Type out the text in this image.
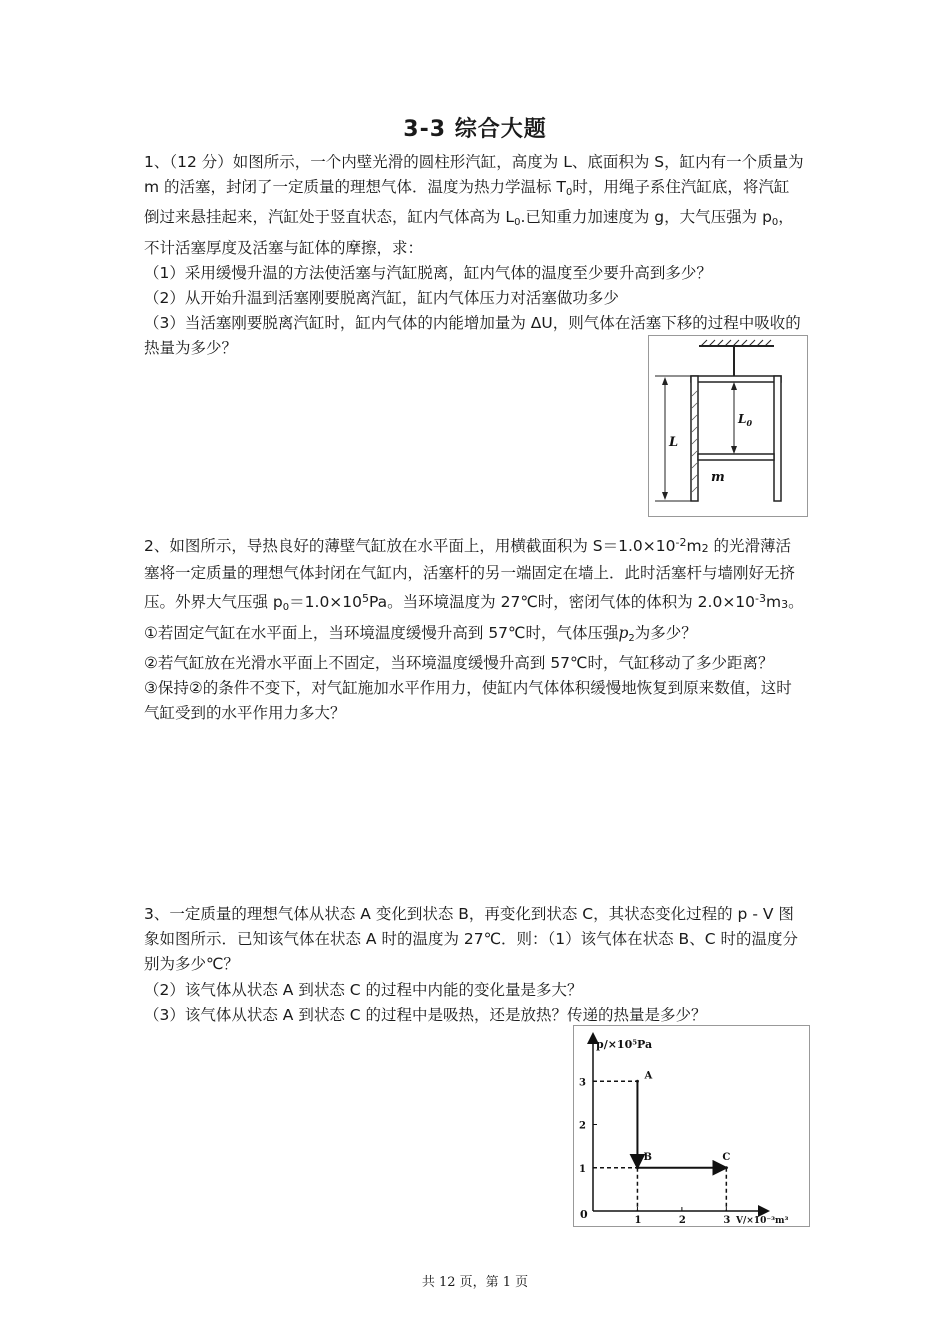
3-3 综合大题

1、（12 分）如图所示，一个内壁光滑的圆柱形汽缸，高度为 L、底面积为 S，缸内有一个质量为 m 的活塞，封闭了一定质量的理想气体．温度为热力学温标 $T_0$时，用绳子系住汽缸底，将汽缸倒过来悬挂起来，汽缸处于竖直状态，缸内气体高为 $L_0$.已知重力加速度为 g，大气压强为 $p_0$，不计活塞厚度及活塞与缸体的摩擦，求：

（1）采用缓慢升温的方法使活塞与汽缸脱离，缸内气体的温度至少要升高到多少？

（2）从开始升温到活塞刚要脱离汽缸，缸内气体压力对活塞做功多少

（3）当活塞刚要脱离汽缸时，缸内气体的内能增加量为 ΔU，则气体在活塞下移的过程中吸收的热量为多少？

L
$L_0$
m

2、如图所示，导热良好的薄壁气缸放在水平面上，用横截面积为 $S=1.0\times 10^{-2}m2$ 的光滑薄活塞将一定质量的理想气体封闭在气缸内，活塞杆的另一端固定在墙上．此时活塞杆与墙刚好无挤压。外界大气压强 $p_0=1.0\times 10^5Pa$。当环境温度为 27℃时，密闭气体的体积为 $2.0\times 10^{-3}m3$。

①若固定气缸在水平面上，当环境温度缓慢升高到 57℃时，气体压强$p_2$为多少？

②若气缸放在光滑水平面上不固定，当环境温度缓慢升高到 57℃时，气缸移动了多少距离？

③保持②的条件不变下，对气缸施加水平作用力，使缸内气体体积缓慢地恢复到原来数值，这时气缸受到的水平作用力多大？

3、一定质量的理想气体从状态 A 变化到状态 B，再变化到状态 C，其状态变化过程的 p - V 图象如图所示．已知该气体在状态 A 时的温度为 27℃．则：（1）该气体在状态 B、C 时的温度分别为多少℃？

（2）该气体从状态 A 到状态 C 的过程中内能的变化量是多大？

（3）该气体从状态 A 到状态 C 的过程中是吸热，还是放热？传递的热量是多少？

p/×10⁵Pa
V/×10⁻³m³
0	1	2	3
1
2
3
A
B	C
共 12 页，第 1 页
